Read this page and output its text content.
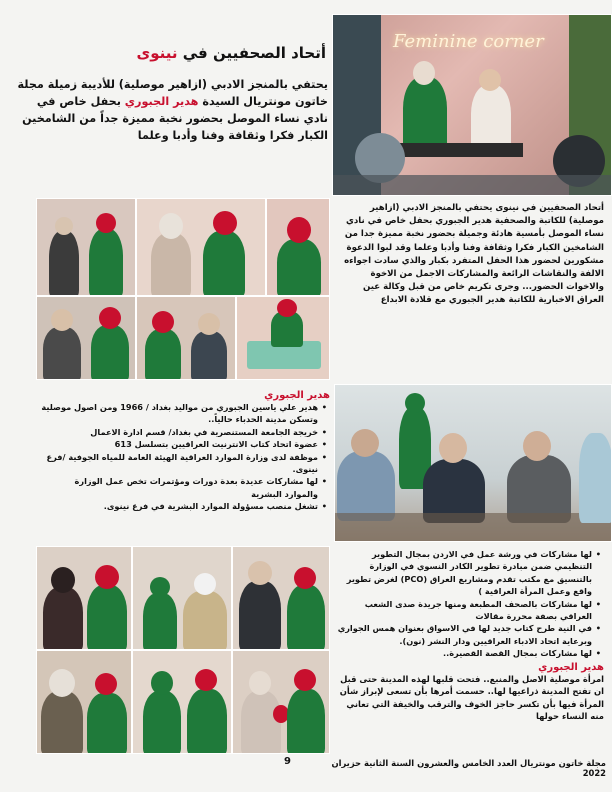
أتحاد الصحفيين في نينوى
يحتفي بالمنجز الادبي (ازاهير موصلية) للأديبة زميلة مجلة خاتون مونتريال السيدة هدير الجبوري بحفل خاص في نادي نساء الموصل بحضور نخبة مميزة جداً من الشامخين الكبار فكرا وثقافة وفنا وأدبا وعلما
Feminine corner
أتحاد الصحفيين في نينوى يحتفي بالمنجز الادبي (ازاهير موصلية) للكاتبة والصحفية هدير الجبوري بحفل خاص في نادي نساء الموصل بأمسية هادئة وجميلة بحضور نخبة مميزة جدا من الشامخين الكبار فكرا وثقافة وفنا وأدبا وعلما وقد لبوا الدعوة مشكورين لحضور هذا الحفل المتفرد بكبار والذي سادت اجواءه الالفة والنقاشات الرائعة والمشاركات الاجمل من الاخوة والاخوات الحضور... وجرى تكريم خاص من قبل وكالة عين العراق الاخبارية للكاتبة هدير الجبوري مع قلادة الابداع
هدير الجبوري
• هدير علي ياسين الجبوري من مواليد بغداد / 1966 ومن اصول موصلية وتسكن مدينة الحدباء حالياً..
• خريجة الجامعة المستنصرية في بغداد/ قسم ادارة الاعمال
• عضوة اتحاد كتاب الانترنيت العراقيين بتسلسل 613
• موظفة لدى وزارة الموارد العراقية الهيئة العامة للمياه الجوفية /فرع نينوى.
• لها مشاركات عديدة بعدة دورات ومؤتمرات تخص عمل الوزارة والموارد البشرية
• تشغل منصب مسؤولة الموارد البشرية في فرع نينوى.
• لها مشاركات في ورشة عمل في الاردن بمجال التطوير التنظيمي ضمن مبادرة تطوير الكادر النسوي في الوزارة بالتنسيق مع مكتب تقدم ومشاريع العراق (PCO) لغرض تطوير واقع وعمل المرأة العراقية )
• لها مشاركات بالصحف المطبعة ومنها جريدة صدى الشعب العراقي بصفة محررة مقالات
• في النية طرح كتاب جديد لها في الاسواق بعنوان همس الجواري وبرعاية اتحاد الادباء العراقيين ودار النشر (نون).
• لها مشاركات بمجال القصة القصيرة..
هدير الجبوري
امرأة موصلية الاصل والمنبع.. فتحت قلبها لهذه المدينة حتى قبل ان تفتح المدينة ذراعيها لها.. حسمت أمرها بأن تسعى لإبراز شأن المرأة فيها بأن تكسر حاجز الخوف والترقب والخيفة التي تعاني منه النساء حولها
مجلة خاتون مونتريال العدد الخامس والعشرون السنة الثانية حزيران 2022
9
